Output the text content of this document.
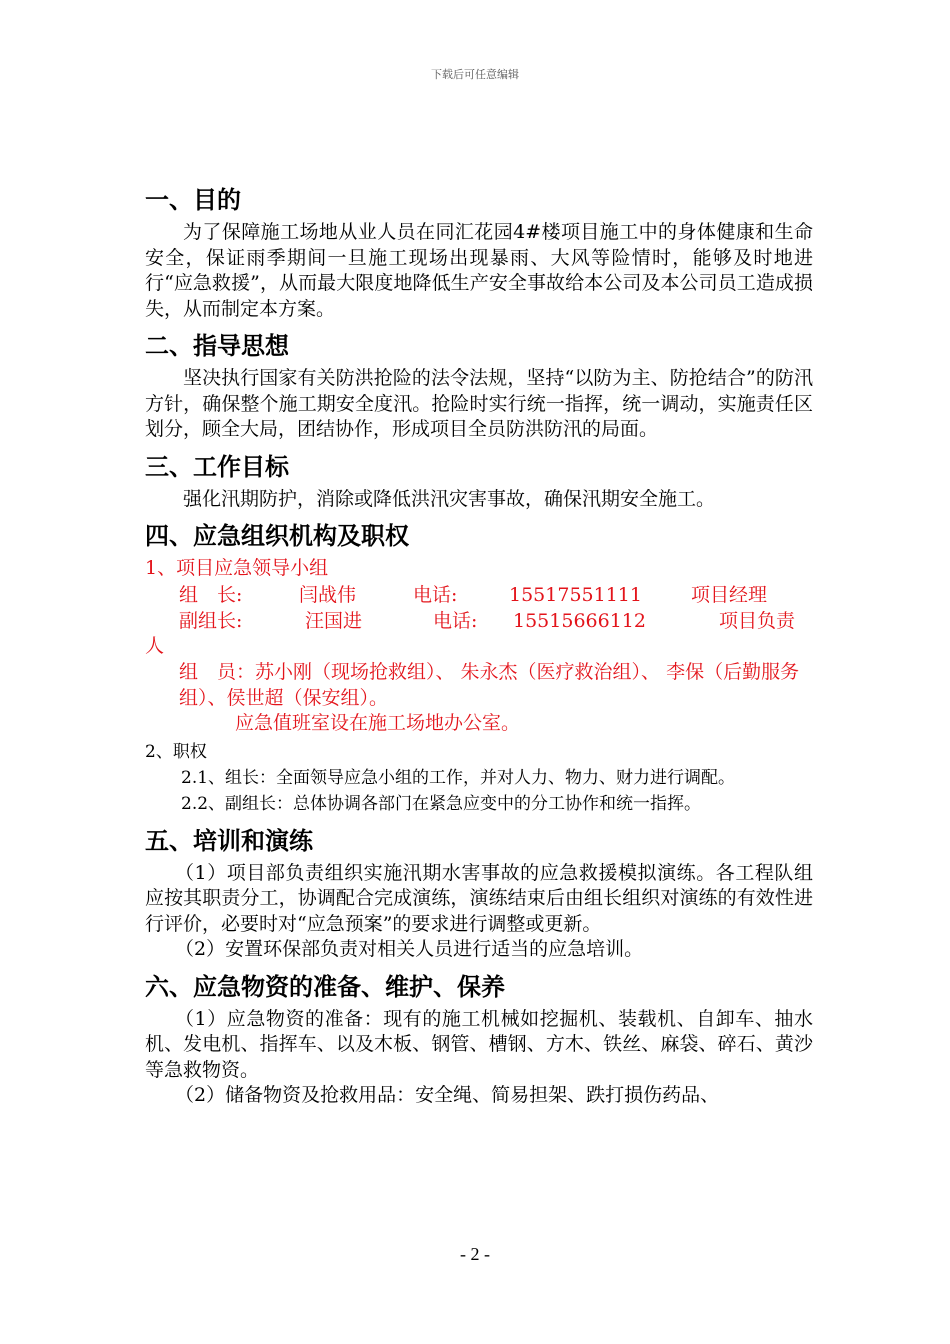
下载后可任意编辑
一、目的

为了保障施工场地从业人员在同汇花园4#楼项目施工中的身体健康和生命安全，保证雨季期间一旦施工现场出现暴雨、大风等险情时，能够及时地进行“应急救援”，从而最大限度地降低生产安全事故给本公司及本公司员工造成损失，从而制定本方案。

二、指导思想

坚决执行国家有关防洪抢险的法令法规，坚持“以防为主、防抢结合”的防汛方针，确保整个施工期安全度汛。抢险时实行统一指挥，统一调动，实施责任区划分，顾全大局，团结协作，形成项目全员防洪防汛的局面。

三、工作目标

强化汛期防护，消除或降低洪汛灾害事故，确保汛期安全施工。

四、应急组织机构及职权

1、项目应急领导小组

组　长:	闫战伟	电话:	15517551111	项目经理
副组长:	汪国进	电话:	15515666112	项目负责

人

组　员：苏小刚（现场抢救组）、 朱永杰（医疗救治组）、 李保（后勤服务组）、侯世超（保安组）。

应急值班室设在施工场地办公室。

2、职权

2.1、组长：全面领导应急小组的工作，并对人力、物力、财力进行调配。

2.2、副组长：总体协调各部门在紧急应变中的分工协作和统一指挥。

五、培训和演练

（1）项目部负责组织实施汛期水害事故的应急救援模拟演练。各工程队组应按其职责分工，协调配合完成演练，演练结束后由组长组织对演练的有效性进行评价，必要时对“应急预案”的要求进行调整或更新。

（2）安置环保部负责对相关人员进行适当的应急培训。

六、应急物资的准备、维护、保养

（1）应急物资的准备：现有的施工机械如挖掘机、装载机、自卸车、抽水机、发电机、指挥车、以及木板、钢管、槽钢、方木、铁丝、麻袋、碎石、黄沙等急救物资。

（2）储备物资及抢救用品：安全绳、简易担架、跌打损伤药品、

- 2 -
